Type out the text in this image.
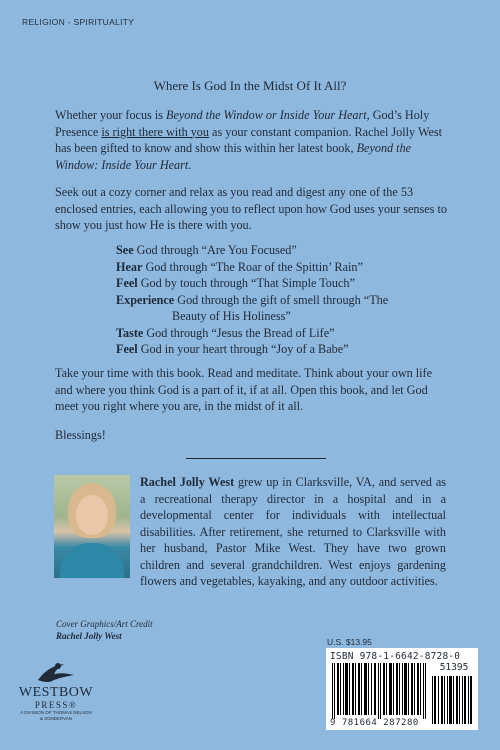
RELIGION - SPIRITUALITY
Where Is God In the Midst Of It All?

Whether your focus is Beyond the Window or Inside Your Heart, God’s Holy Presence is right there with you as your constant companion. Rachel Jolly West has been gifted to know and show this within her latest book, Beyond the Window: Inside Your Heart.

Seek out a cozy corner and relax as you read and digest any one of the 53 enclosed entries, each allowing you to reflect upon how God uses your senses to show you just how He is there with you.

See God through “Are You Focused”
Hear God through “The Roar of the Spittin’ Rain”
Feel God by touch through “That Simple Touch”
Experience God through the gift of smell through “The
Beauty of His Holiness”
Taste God through “Jesus the Bread of Life”
Feel God in your heart through “Joy of a Babe”

Take your time with this book. Read and meditate. Think about your own life and where you think God is a part of it, if at all. Open this book, and let God meet you right where you are, in the midst of it all.

Blessings!

Rachel Jolly West grew up in Clarksville, VA, and served as a recreational therapy director in a hospital and in a developmental center for individuals with intellectual disabilities. After retirement, she returned to Clarksville with her husband, Pastor Mike West. They have two grown children and several grandchildren. West enjoys gardening flowers and vegetables, kayaking, and any outdoor activities.

Cover Graphics/Art Credit
Rachel Jolly West
U.S. $13.95
ISBN 978-1-6642-8728-0
51395
9 781664 287280
WESTBOW
PRESS®
A DIVISION OF THOMAS NELSON
& ZONDERVAN
